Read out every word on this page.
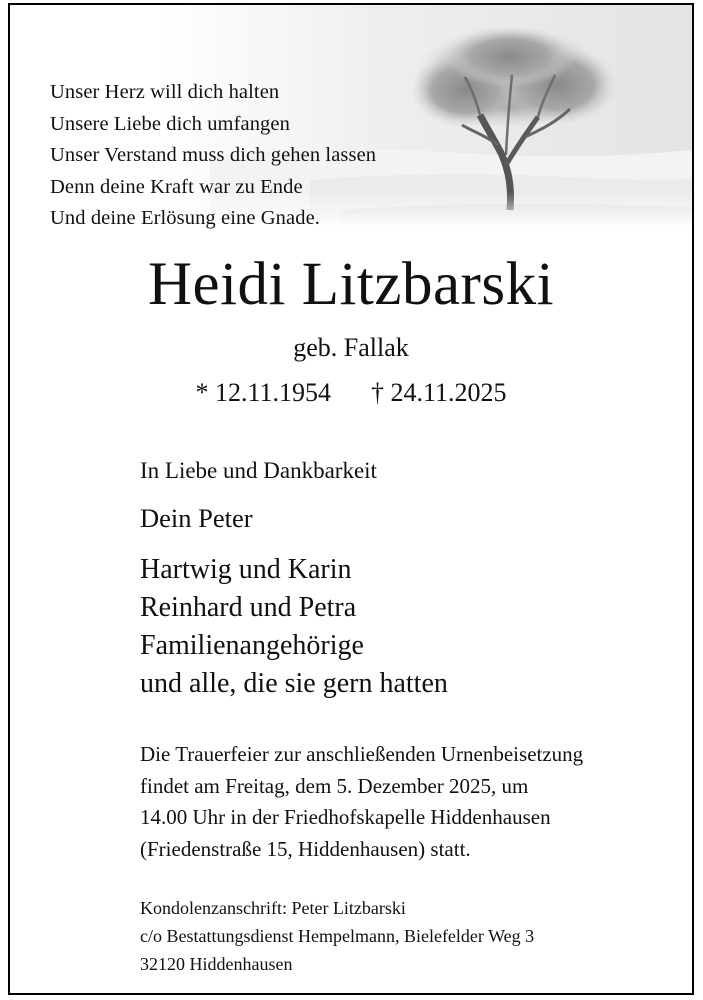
Unser Herz will dich halten
Unsere Liebe dich umfangen
Unser Verstand muss dich gehen lassen
Denn deine Kraft war zu Ende
Und deine Erlösung eine Gnade.
Heidi Litzbarski
geb. Fallak
* 12.11.1954 † 24.11.2025
In Liebe und Dankbarkeit
Dein Peter
Hartwig und Karin
Reinhard und Petra
Familienangehörige
und alle, die sie gern hatten
Die Trauerfeier zur anschließenden Urnenbeisetzung
findet am Freitag, dem 5. Dezember 2025, um
14.00 Uhr in der Friedhofskapelle Hiddenhausen
(Friedenstraße 15, Hiddenhausen) statt.
Kondolenzanschrift: Peter Litzbarski
c/o Bestattungsdienst Hempelmann, Bielefelder Weg 3
32120 Hiddenhausen
